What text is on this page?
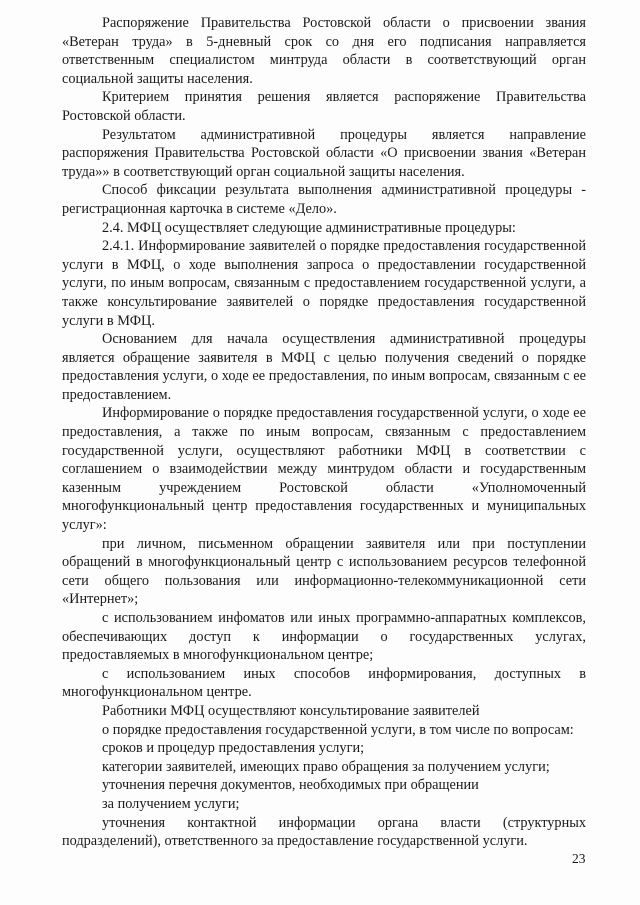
Распоряжение Правительства Ростовской области о присвоении звания «Ветеран труда» в 5-дневный срок со дня его подписания направляется ответственным специалистом минтруда области в соответствующий орган социальной защиты населения.

Критерием принятия решения является распоряжение Правительства Ростовской области.

Результатом административной процедуры является направление распоряжения Правительства Ростовской области «О присвоении звания «Ветеран труда»» в соответствующий орган социальной защиты населения.

Способ фиксации результата выполнения административной процедуры - регистрационная карточка в системе «Дело».

2.4. МФЦ осуществляет следующие административные процедуры:

2.4.1. Информирование заявителей о порядке предоставления государственной услуги в МФЦ, о ходе выполнения запроса о предоставлении государственной услуги, по иным вопросам, связанным с предоставлением государственной услуги, а также консультирование заявителей о порядке предоставления государственной услуги в МФЦ.

Основанием для начала осуществления административной процедуры является обращение заявителя в МФЦ с целью получения сведений о порядке предоставления услуги, о ходе ее предоставления, по иным вопросам, связанным с ее предоставлением.

Информирование о порядке предоставления государственной услуги, о ходе ее предоставления, а также по иным вопросам, связанным с предоставлением государственной услуги, осуществляют работники МФЦ в соответствии с соглашением о взаимодействии между минтрудом области и государственным казенным учреждением Ростовской области «Уполномоченный многофункциональный центр предоставления государственных и муниципальных услуг»:

при личном, письменном обращении заявителя или при поступлении обращений в многофункциональный центр с использованием ресурсов телефонной сети общего пользования или информационно-телекоммуникационной сети «Интернет»;

с использованием инфоматов или иных программно-аппаратных комплексов, обеспечивающих доступ к информации о государственных услугах, предоставляемых в многофункциональном центре;

с использованием иных способов информирования, доступных в многофункциональном центре.

Работники МФЦ осуществляют консультирование заявителей

о порядке предоставления государственной услуги, в том числе по вопросам:

сроков и процедур предоставления услуги;

категории заявителей, имеющих право обращения за получением услуги;

уточнения перечня документов, необходимых при обращении

за получением услуги;

уточнения контактной информации органа власти (структурных подразделений), ответственного за предоставление государственной услуги.

23
